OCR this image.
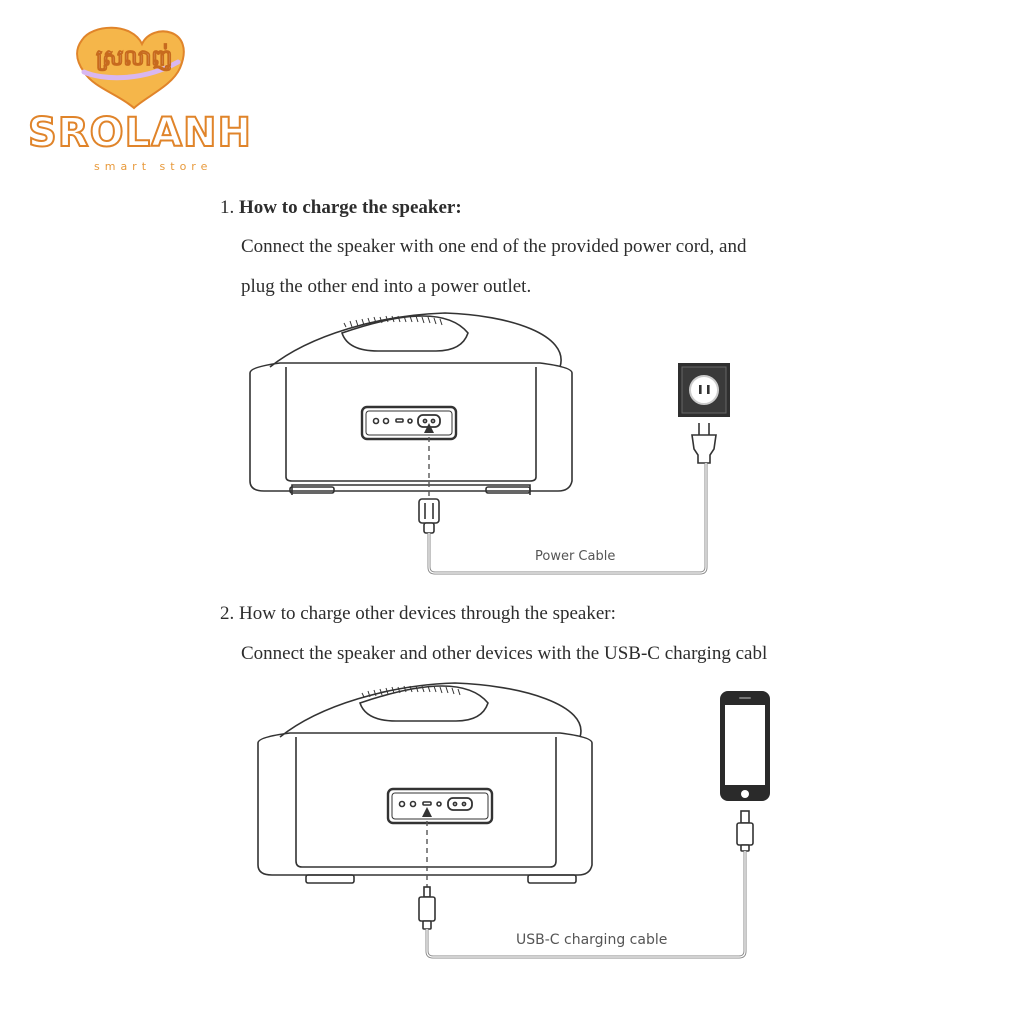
ស្រលាញ់
SROLANH
smart store
1. How to charge the speaker:
Connect the speaker with one end of the provided power cord, and
plug the other end into a power outlet.
Power Cable
2. How to charge other devices through the speaker:
Connect the speaker and other devices with the USB-C charging cabl
USB-C charging cable
